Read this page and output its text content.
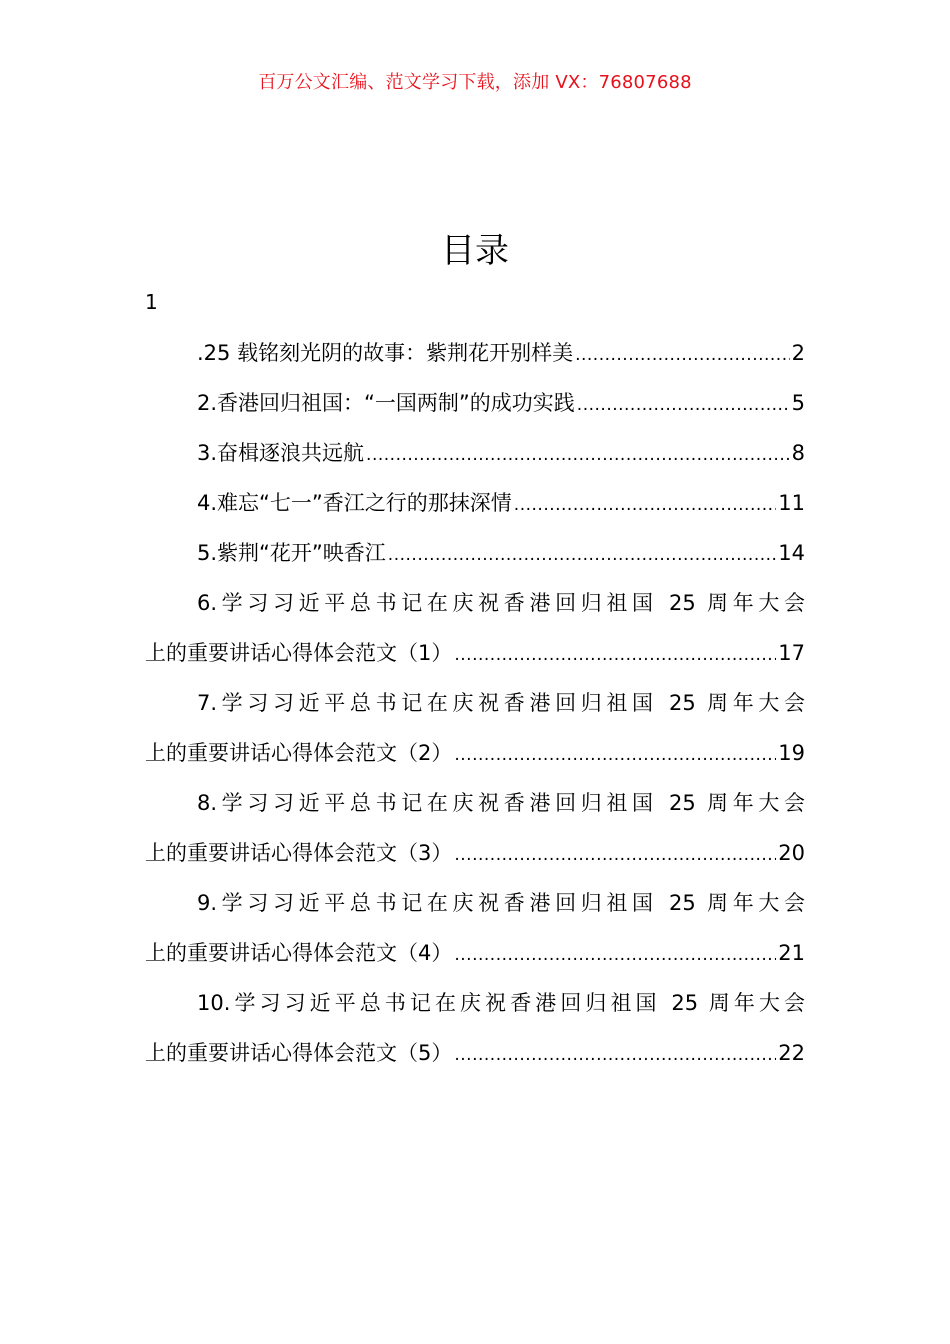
百万公文汇编、范文学习下载，添加 VX：76807688
目录
1
.25 载铭刻光阴的故事：紫荆花开别样美 .....	2
2.香港回归祖国：“一国两制”的成功实践 .....	5
3.奋楫逐浪共远航 .....	8
4.难忘“七一”香江之行的那抹深情 .....	11
5.紫荆“花开”映香江 .....	14
6.学习习近平总书记在庆祝香港回归祖国 25 周年大会
上的重要讲话心得体会范文（1） .....	17
7.学习习近平总书记在庆祝香港回归祖国 25 周年大会
上的重要讲话心得体会范文（2） .....	19
8.学习习近平总书记在庆祝香港回归祖国 25 周年大会
上的重要讲话心得体会范文（3） .....	20
9.学习习近平总书记在庆祝香港回归祖国 25 周年大会
上的重要讲话心得体会范文（4） .....	21
10.学习习近平总书记在庆祝香港回归祖国 25 周年大会
上的重要讲话心得体会范文（5） .....	22
